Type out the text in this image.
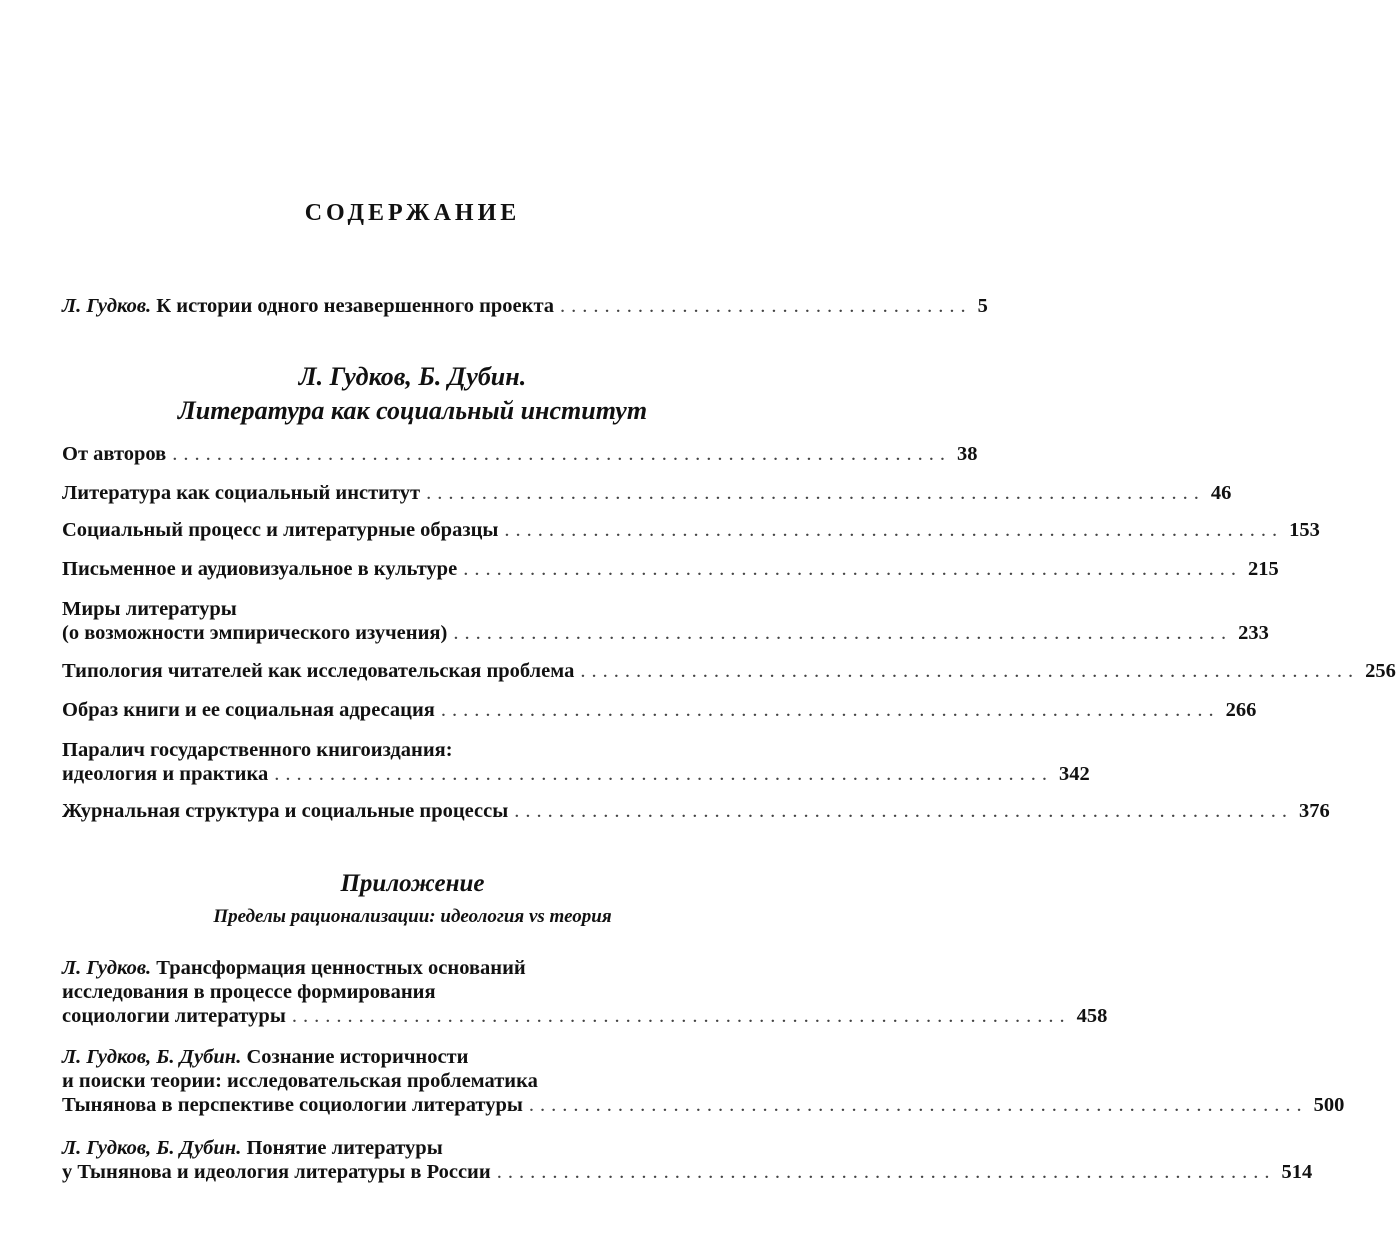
СОДЕРЖАНИЕ
Л. Гудков. К истории одного незавершенного проекта ..................................... 5
Л. Гудков, Б. Дубин.
Литература как социальный институт
От авторов ...................................................................... 38
Литература как социальный институт ...................................................................... 46
Социальный процесс и литературные образцы ...................................................................... 153
Письменное и аудиовизуальное в культуре ...................................................................... 215
Миры литературы
(о возможности эмпирического изучения) ...................................................................... 233
Типология читателей как исследовательская проблема ...................................................................... 256
Образ книги и ее социальная адресация ...................................................................... 266
Паралич государственного книгоиздания:
идеология и практика ...................................................................... 342
Журнальная структура и социальные процессы ...................................................................... 376
Приложение
Пределы рационализации: идеология vs теория
Л. Гудков. Трансформация ценностных оснований
исследования в процессе формирования
социологии литературы ...................................................................... 458
Л. Гудков, Б. Дубин. Сознание историчности
и поиски теории: исследовательская проблематика
Тынянова в перспективе социологии литературы ...................................................................... 500
Л. Гудков, Б. Дубин. Понятие литературы
у Тынянова и идеология литературы в России ...................................................................... 514
